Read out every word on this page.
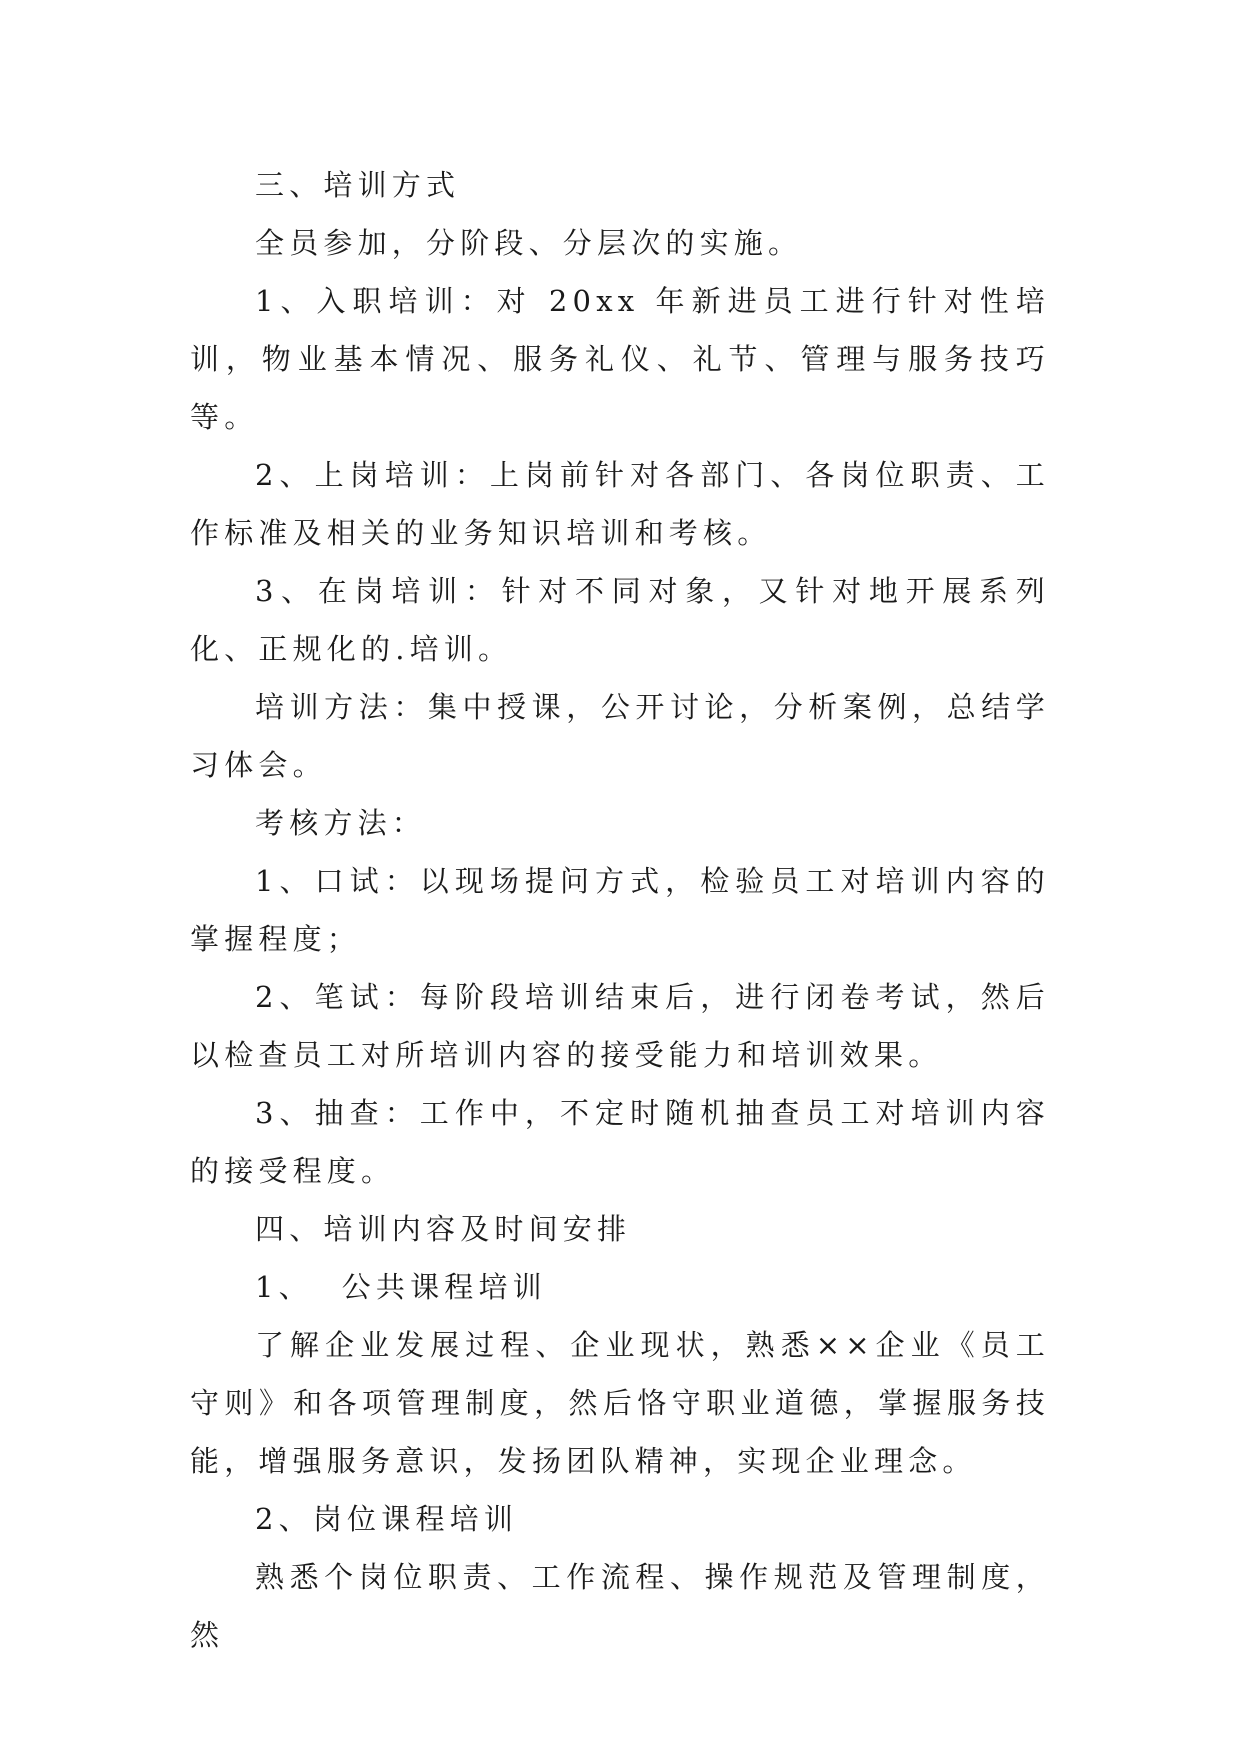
三、培训方式

全员参加，分阶段、分层次的实施。

1、入职培训：对 20xx 年新进员工进行针对性培训，物业基本情况、服务礼仪、礼节、管理与服务技巧等。

2、上岗培训：上岗前针对各部门、各岗位职责、工作标准及相关的业务知识培训和考核。

3、在岗培训：针对不同对象，又针对地开展系列化、正规化的.培训。

培训方法：集中授课，公开讨论，分析案例，总结学习体会。

考核方法：

1、口试：以现场提问方式，检验员工对培训内容的掌握程度；

2、笔试：每阶段培训结束后，进行闭卷考试，然后以检查员工对所培训内容的接受能力和培训效果。

3、抽查：工作中，不定时随机抽查员工对培训内容的接受程度。

四、培训内容及时间安排

1、  公共课程培训

了解企业发展过程、企业现状，熟悉××企业《员工守则》和各项管理制度，然后恪守职业道德，掌握服务技能，增强服务意识，发扬团队精神，实现企业理念。

2、岗位课程培训

熟悉个岗位职责、工作流程、操作规范及管理制度，然
